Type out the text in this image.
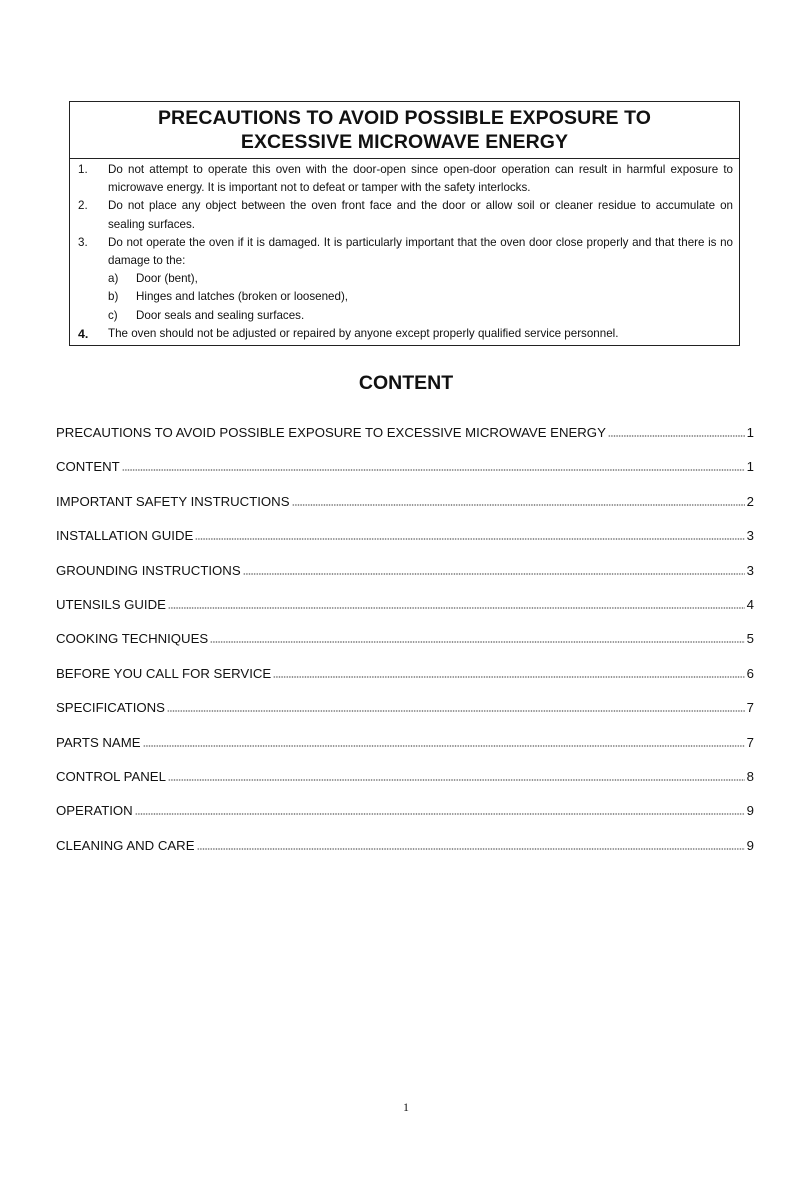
PRECAUTIONS TO AVOID POSSIBLE EXPOSURE TO
EXCESSIVE MICROWAVE ENERGY
1. Do not attempt to operate this oven with the door-open since open-door operation can result in harmful exposure to microwave energy. It is important not to defeat or tamper with the safety interlocks.
2. Do not place any object between the oven front face and the door or allow soil or cleaner residue to accumulate on sealing surfaces.
3. Do not operate the oven if it is damaged. It is particularly important that the oven door close properly and that there is no damage to the:
a) Door (bent),
b) Hinges and latches (broken or loosened),
c) Door seals and sealing surfaces.
4. The oven should not be adjusted or repaired by anyone except properly qualified service personnel.
CONTENT
PRECAUTIONS TO AVOID POSSIBLE EXPOSURE TO EXCESSIVE MICROWAVE ENERGY	1
CONTENT	1
IMPORTANT SAFETY INSTRUCTIONS	2
INSTALLATION GUIDE	3
GROUNDING INSTRUCTIONS	3
UTENSILS GUIDE	4
COOKING TECHNIQUES	5
BEFORE YOU CALL FOR SERVICE	6
SPECIFICATIONS	7
PARTS NAME	7
CONTROL PANEL	8
OPERATION	9
CLEANING AND CARE	9
1
